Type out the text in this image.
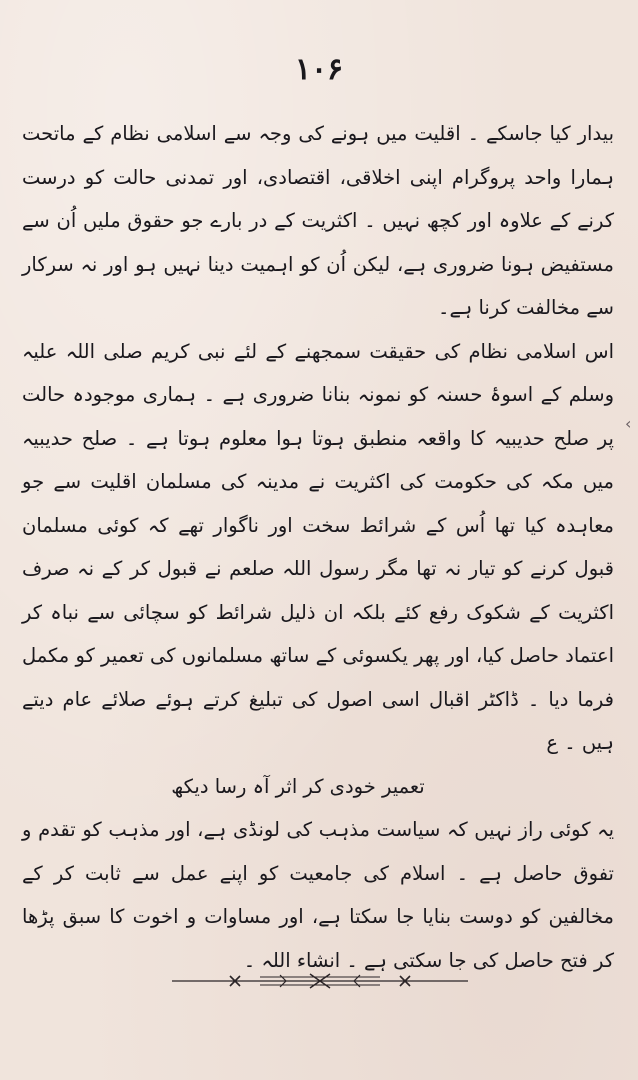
۱۰۶

بیدار کیا جاسکے ۔ اقلیت میں ہونے کی وجہ سے اسلامی نظام کے ماتحت ہمارا واحد پروگرام اپنی اخلاقی، اقتصادی، اور تمدنی حالت کو درست کرنے کے علاوہ اور کچھ نہیں ۔ اکثریت کے در بارے جو حقوق ملیں اُن سے مستفیض ہونا ضروری ہے، لیکن اُن کو اہمیت دینا نہیں ہو اور نہ سرکار سے مخالفت کرنا ہے۔

اس اسلامی نظام کی حقیقت سمجھنے کے لئے نبی کریم صلی اللہ علیہ وسلم کے اسوۂ حسنہ کو نمونہ بنانا ضروری ہے ۔ ہماری موجودہ حالت پر صلح حدیبیہ کا واقعہ منطبق ہوتا ہوا معلوم ہوتا ہے ۔ صلح حدیبیہ میں مکہ کی حکومت کی اکثریت نے مدینہ کی مسلمان اقلیت سے جو معاہدہ کیا تھا اُس کے شرائط سخت اور ناگوار تھے کہ کوئی مسلمان قبول کرنے کو تیار نہ تھا مگر رسول اللہ صلعم نے قبول کر کے نہ صرف اکثریت کے شکوک رفع کئے بلکہ ان ذلیل شرائط کو سچائی سے نباہ کر اعتماد حاصل کیا، اور پھر یکسوئی کے ساتھ مسلمانوں کی تعمیر کو مکمل فرما دیا ۔ ڈاکٹر اقبال اسی اصول کی تبلیغ کرتے ہوئے صلائے عام دیتے ہیں ۔ ع

تعمیر خودی کر اثر آہ رسا دیکھ

یہ کوئی راز نہیں کہ سیاست مذہب کی لونڈی ہے، اور مذہب کو تقدم و تفوق حاصل ہے ۔ اسلام کی جامعیت کو اپنے عمل سے ثابت کر کے مخالفین کو دوست بنایا جا سکتا ہے، اور مساوات و اخوت کا سبق پڑھا کر فتح حاصل کی جا سکتی ہے ۔ انشاء اللہ ۔

‹
